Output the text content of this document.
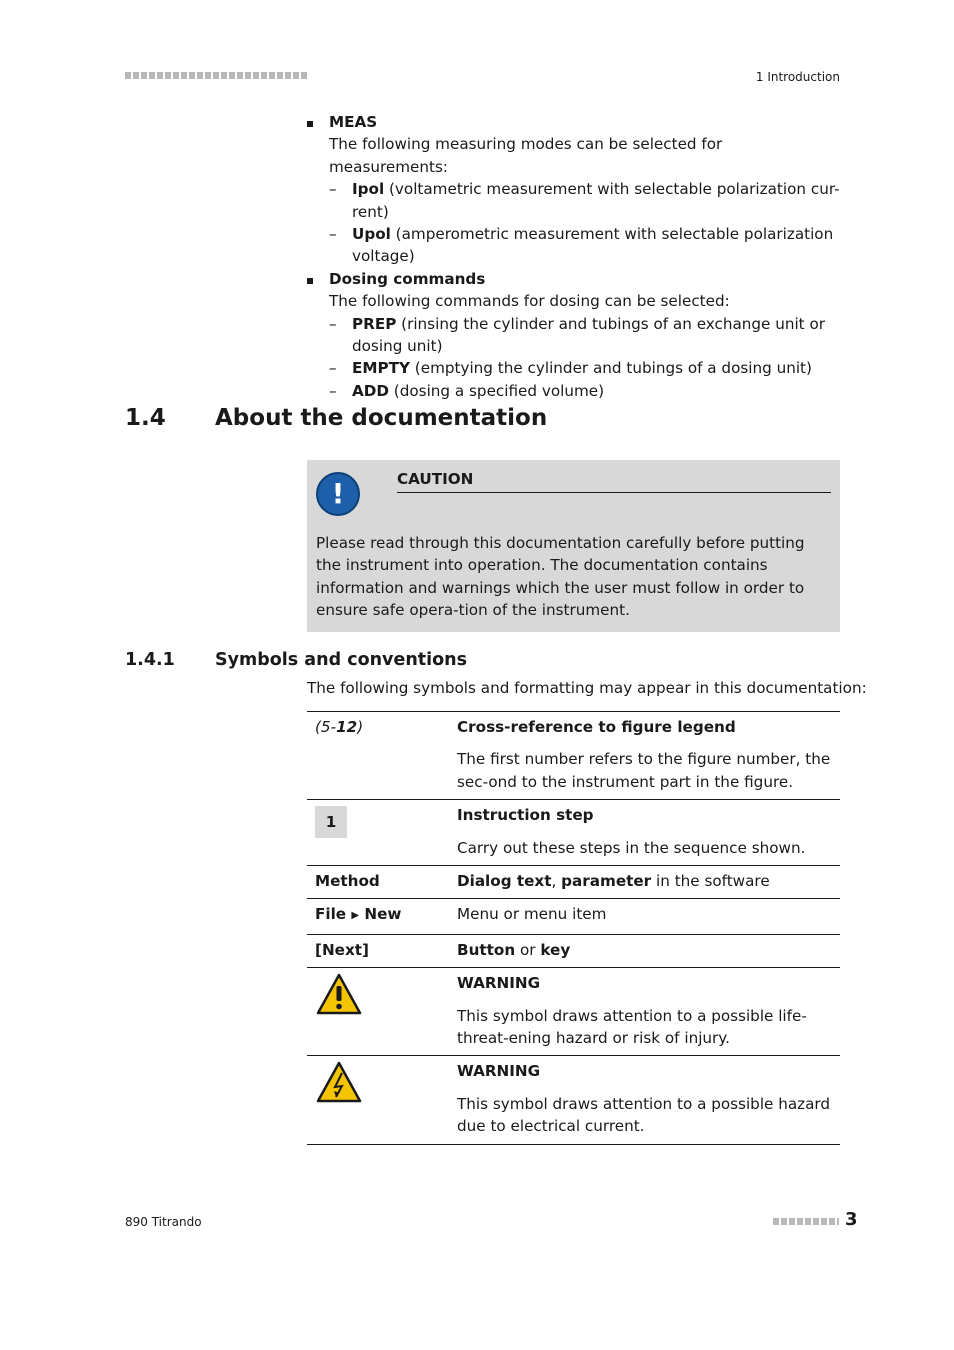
1 Introduction
MEAS
The following measuring modes can be selected for measurements:
– Ipol (voltametric measurement with selectable polarization cur-rent)
– Upol (amperometric measurement with selectable polarization voltage)
Dosing commands
The following commands for dosing can be selected:
– PREP (rinsing the cylinder and tubings of an exchange unit or dosing unit)
– EMPTY (emptying the cylinder and tubings of a dosing unit)
– ADD (dosing a specified volume)
1.4 About the documentation
!	CAUTION
Please read through this documentation carefully before putting the instrument into operation. The documentation contains information and warnings which the user must follow in order to ensure safe opera-tion of the instrument.
1.4.1 Symbols and conventions
The following symbols and formatting may appear in this documentation:
(5-12)	Cross-reference to figure legend
The first number refers to the figure number, the sec-ond to the instrument part in the figure.

1	Instruction step
Carry out these steps in the sequence shown.

Method	Dialog text, parameter in the software
File ▶ New	Menu or menu item
[Next]	Button or key

WARNING
This symbol draws attention to a possible life-threat-ening hazard or risk of injury.

WARNING
This symbol draws attention to a possible hazard due to electrical current.
890 Titrando	3
